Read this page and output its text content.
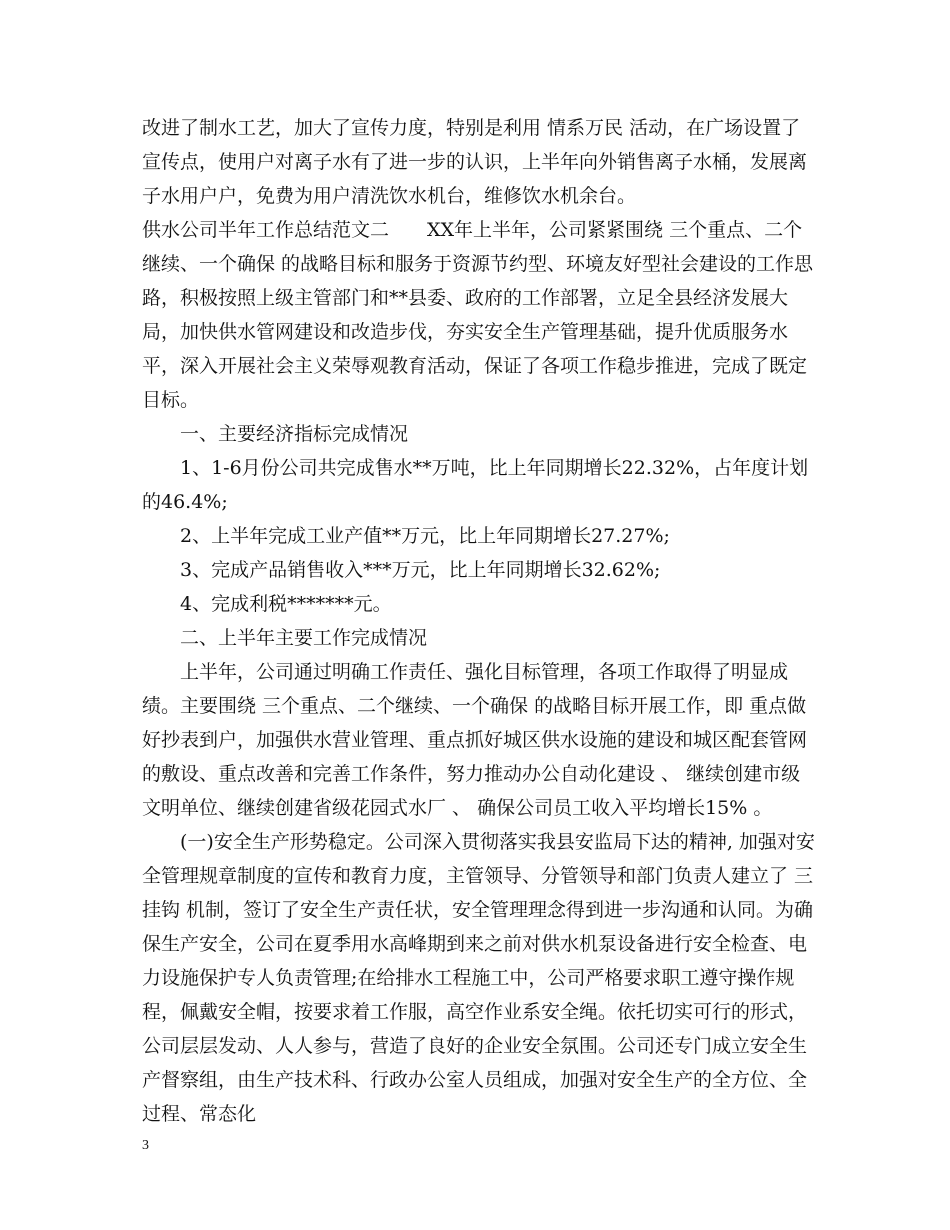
改进了制水工艺，加大了宣传力度，特别是利用 情系万民 活动，在广场设置了宣传点，使用户对离子水有了进一步的认识，上半年向外销售离子水桶，发展离子水用户户，免费为用户清洗饮水机台，维修饮水机余台。

供水公司半年工作总结范文二　　XX年上半年，公司紧紧围绕 三个重点、二个继续、一个确保 的战略目标和服务于资源节约型、环境友好型社会建设的工作思路，积极按照上级主管部门和**县委、政府的工作部署，立足全县经济发展大局，加快供水管网建设和改造步伐，夯实安全生产管理基础，提升优质服务水平，深入开展社会主义荣辱观教育活动，保证了各项工作稳步推进，完成了既定目标。

一、主要经济指标完成情况

1、1-6月份公司共完成售水**万吨，比上年同期增长22.32%，占年度计划的46.4%;

2、上半年完成工业产值**万元，比上年同期增长27.27%;

3、完成产品销售收入***万元，比上年同期增长32.62%;

4、完成利税*******元。

二、上半年主要工作完成情况

上半年，公司通过明确工作责任、强化目标管理，各项工作取得了明显成绩。主要围绕 三个重点、二个继续、一个确保 的战略目标开展工作，即 重点做好抄表到户，加强供水营业管理、重点抓好城区供水设施的建设和城区配套管网的敷设、重点改善和完善工作条件，努力推动办公自动化建设 、 继续创建市级文明单位、继续创建省级花园式水厂 、 确保公司员工收入平均增长15% 。

(一)安全生产形势稳定。公司深入贯彻落实我县安监局下达的精神, 加强对安全管理规章制度的宣传和教育力度，主管领导、分管领导和部门负责人建立了 三挂钩 机制，签订了安全生产责任状，安全管理理念得到进一步沟通和认同。为确保生产安全，公司在夏季用水高峰期到来之前对供水机泵设备进行安全检查、电力设施保护专人负责管理;在给排水工程施工中，公司严格要求职工遵守操作规程，佩戴安全帽，按要求着工作服，高空作业系安全绳。依托切实可行的形式，公司层层发动、人人参与，营造了良好的企业安全氛围。公司还专门成立安全生产督察组，由生产技术科、行政办公室人员组成，加强对安全生产的全方位、全过程、常态化

3
